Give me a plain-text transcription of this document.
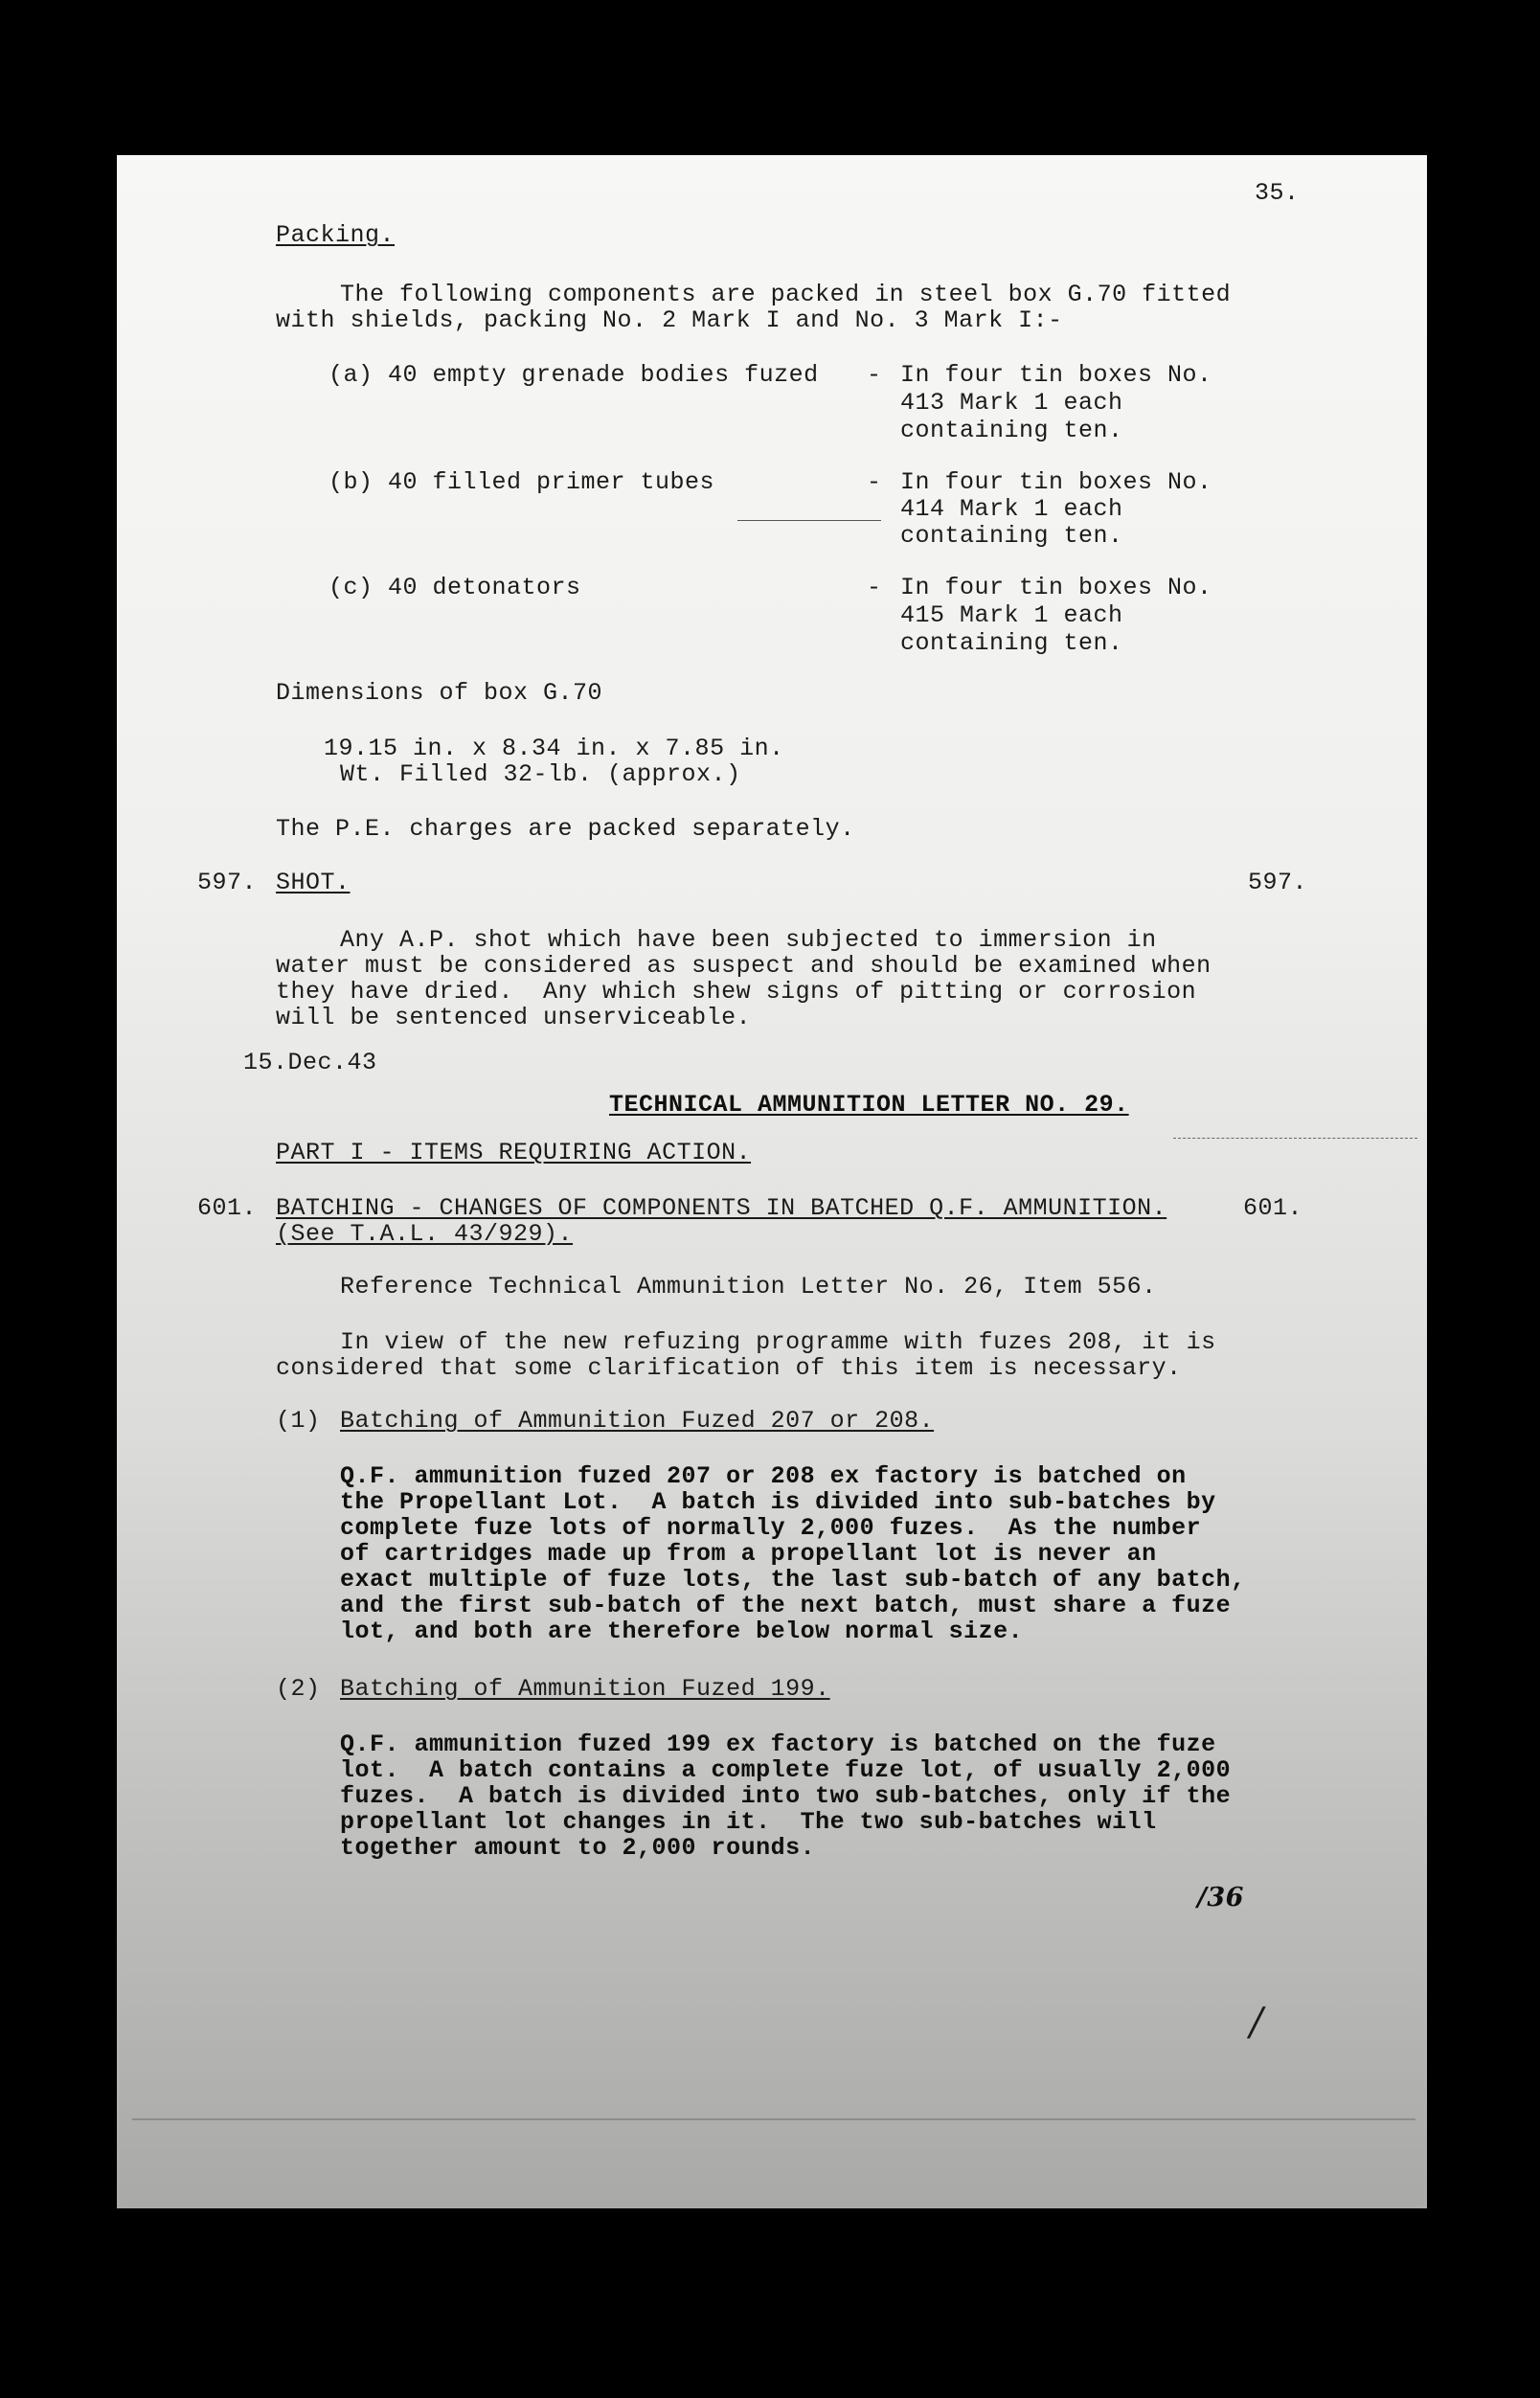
35.
Packing.
The following components are packed in steel box G.70 fitted
with shields, packing No. 2 Mark I and No. 3 Mark I:-
(a) 40 empty grenade bodies fuzed - In four tin boxes No.
413 Mark 1 each
containing ten.
(b) 40 filled primer tubes	- In four tin boxes No.
414 Mark 1 each
containing ten.
(c) 40 detonators	- In four tin boxes No.
415 Mark 1 each
containing ten.
Dimensions of box G.70
19.15 in. x 8.34 in. x 7.85 in.
Wt. Filled 32-lb. (approx.)
The P.E. charges are packed separately.
597. SHOT.	597.
Any A.P. shot which have been subjected to immersion in
water must be considered as suspect and should be examined when
they have dried.  Any which shew signs of pitting or corrosion
will be sentenced unserviceable.
15.Dec.43
TECHNICAL AMMUNITION LETTER NO. 29.
PART I - ITEMS REQUIRING ACTION.
601. BATCHING - CHANGES OF COMPONENTS IN BATCHED Q.F. AMMUNITION.	601.
(See T.A.L. 43/929).
Reference Technical Ammunition Letter No. 26, Item 556.
In view of the new refuzing programme with fuzes 208, it is
considered that some clarification of this item is necessary.
(1) Batching of Ammunition Fuzed 207 or 208.
Q.F. ammunition fuzed 207 or 208 ex factory is batched on
the Propellant Lot.  A batch is divided into sub-batches by
complete fuze lots of normally 2,000 fuzes.  As the number
of cartridges made up from a propellant lot is never an
exact multiple of fuze lots, the last sub-batch of any batch,
and the first sub-batch of the next batch, must share a fuze
lot, and both are therefore below normal size.
(2) Batching of Ammunition Fuzed 199.
Q.F. ammunition fuzed 199 ex factory is batched on the fuze
lot.  A batch contains a complete fuze lot, of usually 2,000
fuzes.  A batch is divided into two sub-batches, only if the
propellant lot changes in it.  The two sub-batches will
together amount to 2,000 rounds.
/36
/
